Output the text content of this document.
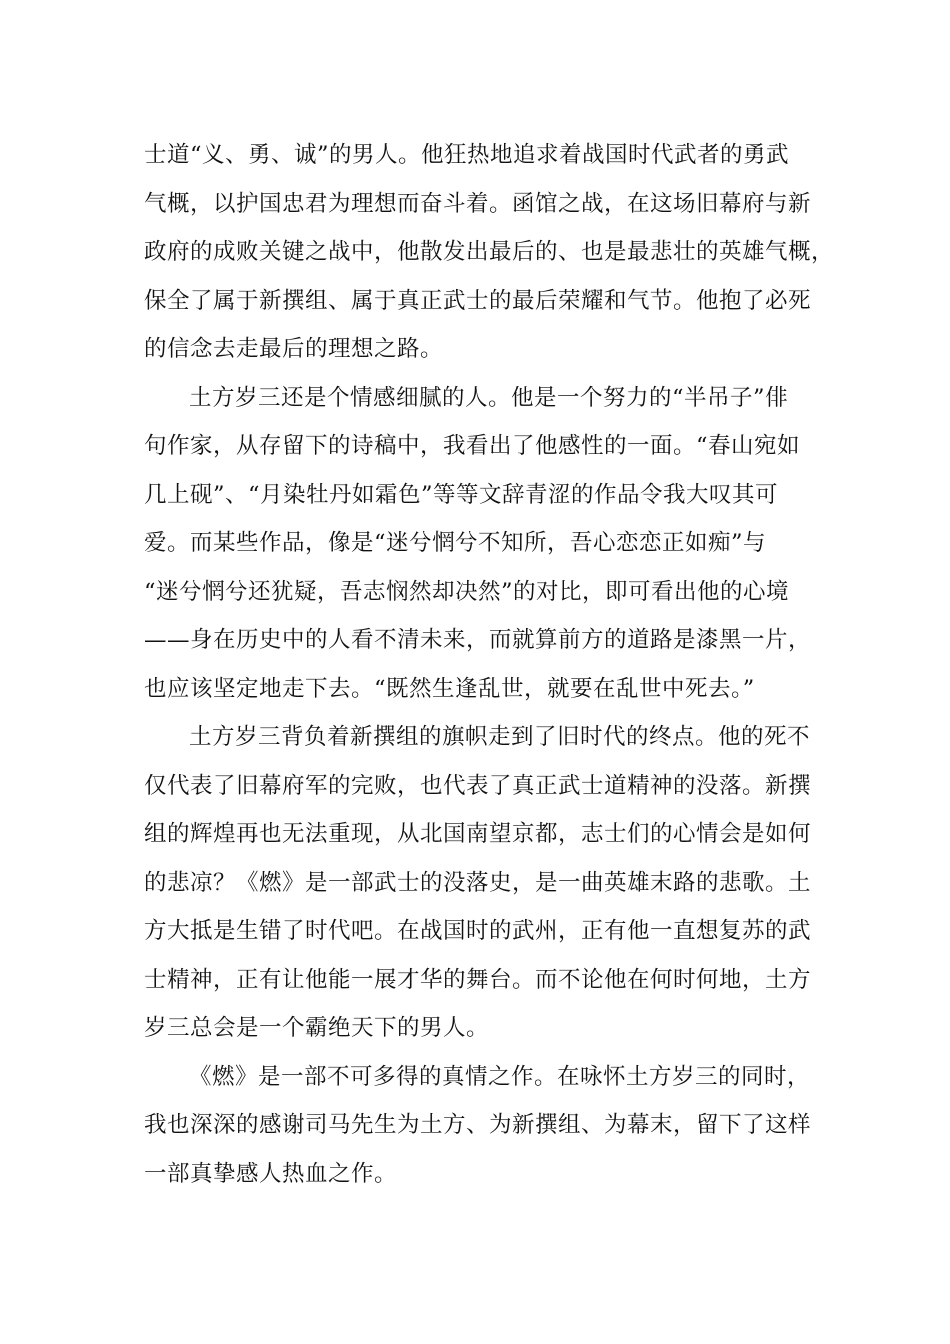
士道“义、勇、诚”的男人。他狂热地追求着战国时代武者的勇武
气概，以护国忠君为理想而奋斗着。函馆之战，在这场旧幕府与新
政府的成败关键之战中，他散发出最后的、也是最悲壮的英雄气概，
保全了属于新撰组、属于真正武士的最后荣耀和气节。他抱了必死
的信念去走最后的理想之路。
土方岁三还是个情感细腻的人。他是一个努力的“半吊子”俳
句作家，从存留下的诗稿中，我看出了他感性的一面。“春山宛如
几上砚”、“月染牡丹如霜色”等等文辞青涩的作品令我大叹其可
爱。而某些作品，像是“迷兮惘兮不知所，吾心恋恋正如痴”与
“迷兮惘兮还犹疑，吾志悯然却决然”的对比，即可看出他的心境
——身在历史中的人看不清未来，而就算前方的道路是漆黑一片，
也应该坚定地走下去。“既然生逢乱世，就要在乱世中死去。”
土方岁三背负着新撰组的旗帜走到了旧时代的终点。他的死不
仅代表了旧幕府军的完败，也代表了真正武士道精神的没落。新撰
组的辉煌再也无法重现，从北国南望京都，志士们的心情会是如何
的悲凉？《燃》是一部武士的没落史，是一曲英雄末路的悲歌。土
方大抵是生错了时代吧。在战国时的武州，正有他一直想复苏的武
士精神，正有让他能一展才华的舞台。而不论他在何时何地，土方
岁三总会是一个霸绝天下的男人。
《燃》是一部不可多得的真情之作。在咏怀土方岁三的同时，
我也深深的感谢司马先生为土方、为新撰组、为幕末，留下了这样
一部真挚感人热血之作。
